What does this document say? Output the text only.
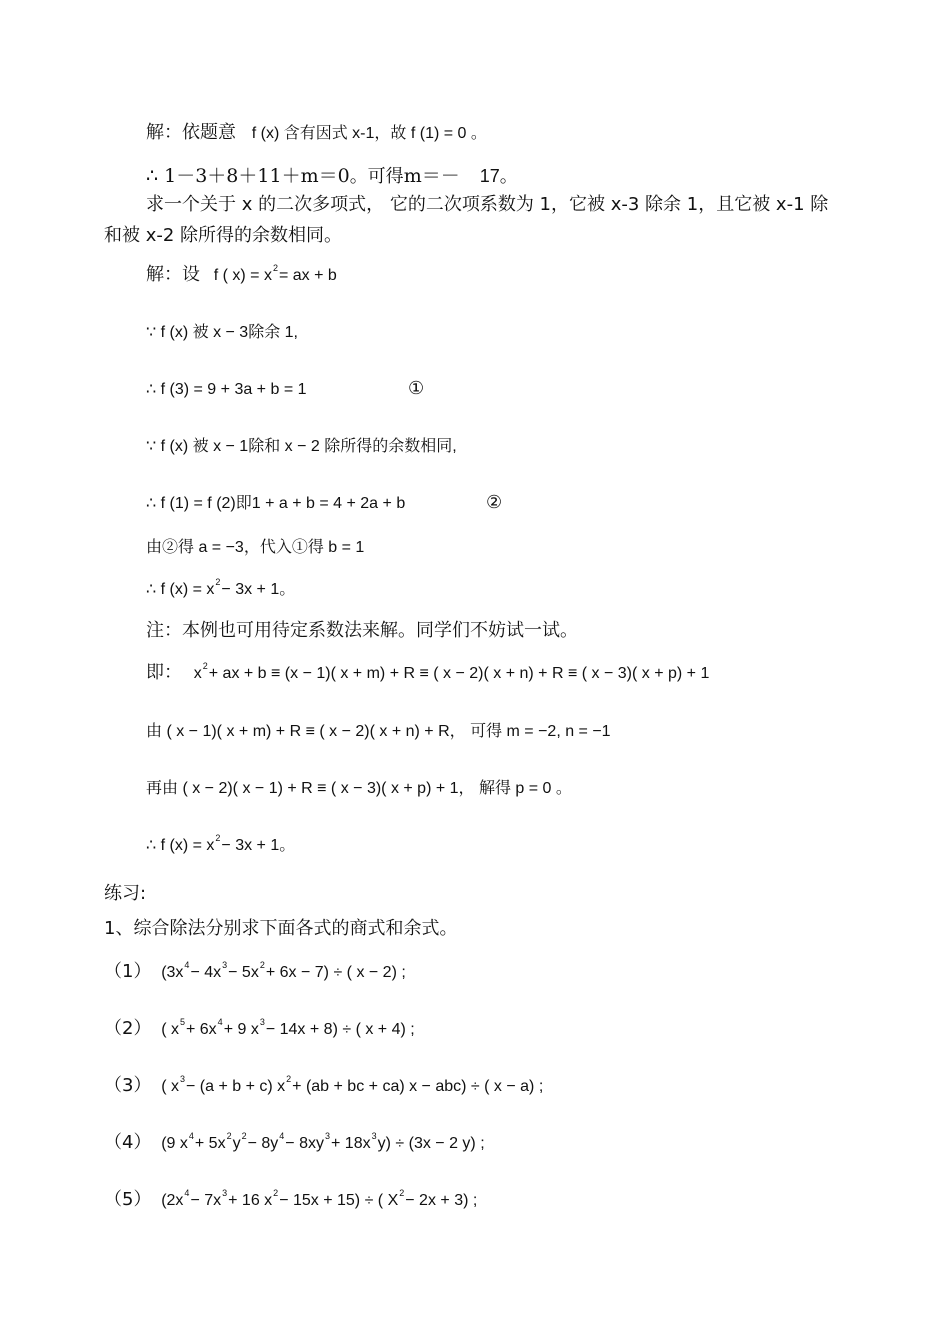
解：依题意 f (x) 含有因式 x-1，故 f (1) = 0 。
∴ 1－3＋8＋11＋m＝0。可得m＝－ 17。
求一个关于 x 的二次多项式， 它的二次项系数为 1，它被 x-3 除余 1，且它被 x-1 除和被 x-2 除所得的余数相同。
解：设 f ( $x) = x^2=$ ax + b
∵ f (x) 被 x − 3除余 1,
∴ f (3) = 9 + 3a + b = 1	①
∵ f (x) 被 x − 1除和 x − 2 除所得的余数相同,
∴ f (1) = f (2)即1 + a + b = 4 + 2a + b	②
由②得 a = −3，代入①得 b = 1
∴ f $(x) = x^2- 3x + 1$。
注：本例也可用待定系数法来解。同学们不妨试一试。
即： $x^2+$ ax + b ≡ (x − 1)( x + m) + R ≡ ( x − 2)( x + n) + R ≡ ( x − 3)( x + p) + 1
由 ( x − 1)( x + m) + R ≡ ( x − 2)( x + n) + R， 可得 m = −2, n = −1
再由 ( x − 2)( x − 1) + R ≡ ( x − 3)( x + p) + 1， 解得 p = 0 。
∴ f $(x) = x^2- 3x + 1$。
练习:
1、综合除法分别求下面各式的商式和余式。
（1） $(3x^4- 4x^3- 5x^2+ 6x - 7)$ ÷ ( x − 2) ;
（2） ( $x^5+ 6x^4+ 9$ $x^3- 14x + 8$) ÷ ( x + 4) ;
（3） ( $x^3- (a + b + c)$ $x^2+ (ab$ + bc + ca) x − abc) ÷ ( x − a) ;
（4） (9 $x^4+ 5x^2y^2- 8y^4- 8xy^3+ 18x^3y) \div (3x - 2$ y) ;
（5） ($2x^4- 7x^3+ 16$ $x^2- 15x + 15$) ÷ ( $X^2- 2x + 3$) ;
